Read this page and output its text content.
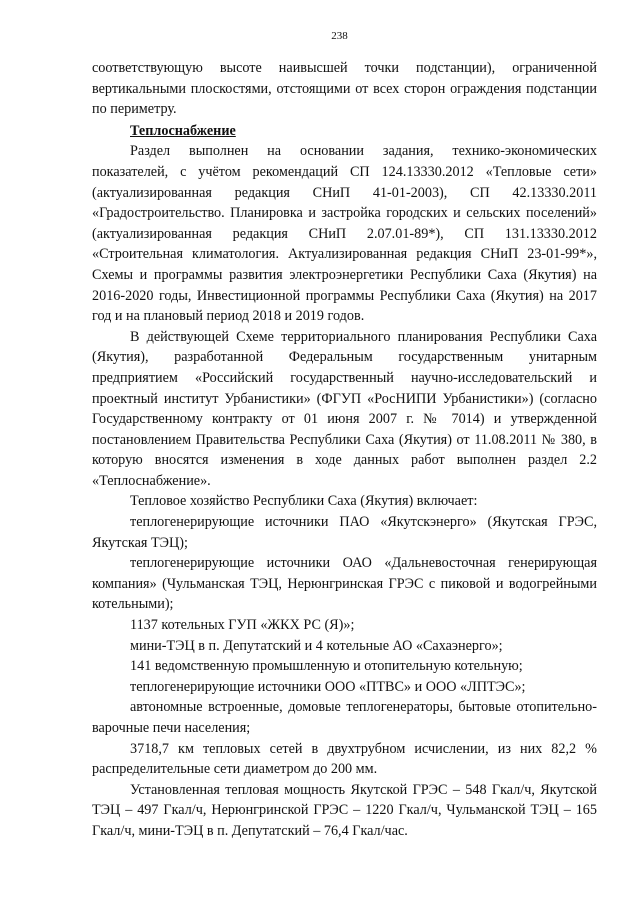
238

соответствующую высоте наивысшей точки подстанции), ограниченной вертикальными плоскостями, отстоящими от всех сторон ограждения подстанции по периметру.

Теплоснабжение

Раздел выполнен на основании задания, технико-экономических показателей, с учётом рекомендаций СП 124.13330.2012 «Тепловые сети» (актуализированная редакция СНиП 41-01-2003), СП 42.13330.2011 «Градостроительство. Планировка и застройка городских и сельских поселений» (актуализированная редакция СНиП 2.07.01-89*), СП 131.13330.2012 «Строительная климатология. Актуализированная редакция СНиП 23-01-99*», Схемы и программы развития электроэнергетики Республики Саха (Якутия) на 2016-2020 годы, Инвестиционной программы Республики Саха (Якутия) на 2017 год и на плановый период 2018 и 2019 годов.

В действующей Схеме территориального планирования Республики Саха (Якутия), разработанной Федеральным государственным унитарным предприятием «Российский государственный научно-исследовательский и проектный институт Урбанистики» (ФГУП «РосНИПИ Урбанистики») (согласно Государственному контракту от 01 июня 2007 г. № 7014) и утвержденной постановлением Правительства Республики Саха (Якутия) от 11.08.2011 № 380, в которую вносятся изменения в ходе данных работ выполнен раздел 2.2 «Теплоснабжение».

Тепловое хозяйство Республики Саха (Якутия) включает:

теплогенерирующие источники ПАО «Якутскэнерго» (Якутская ГРЭС, Якутская ТЭЦ);

теплогенерирующие источники ОАО «Дальневосточная генерирующая компания» (Чульманская ТЭЦ, Нерюнгринская ГРЭС с пиковой и водогрейными котельными);

1137 котельных ГУП «ЖКХ РС (Я)»;

мини-ТЭЦ в п. Депутатский и 4 котельные АО «Сахаэнерго»;

141 ведомственную промышленную и отопительную котельную;

теплогенерирующие источники ООО «ПТВС» и ООО «ЛПТЭС»;

автономные встроенные, домовые теплогенераторы, бытовые отопительно-варочные печи населения;

3718,7 км тепловых сетей в двухтрубном исчислении, из них 82,2 % распределительные сети диаметром до 200 мм.

Установленная тепловая мощность Якутской ГРЭС – 548 Гкал/ч, Якутской ТЭЦ – 497 Гкал/ч, Нерюнгринской ГРЭС – 1220 Гкал/ч, Чульманской ТЭЦ – 165 Гкал/ч, мини-ТЭЦ в п. Депутатский – 76,4 Гкал/час.
